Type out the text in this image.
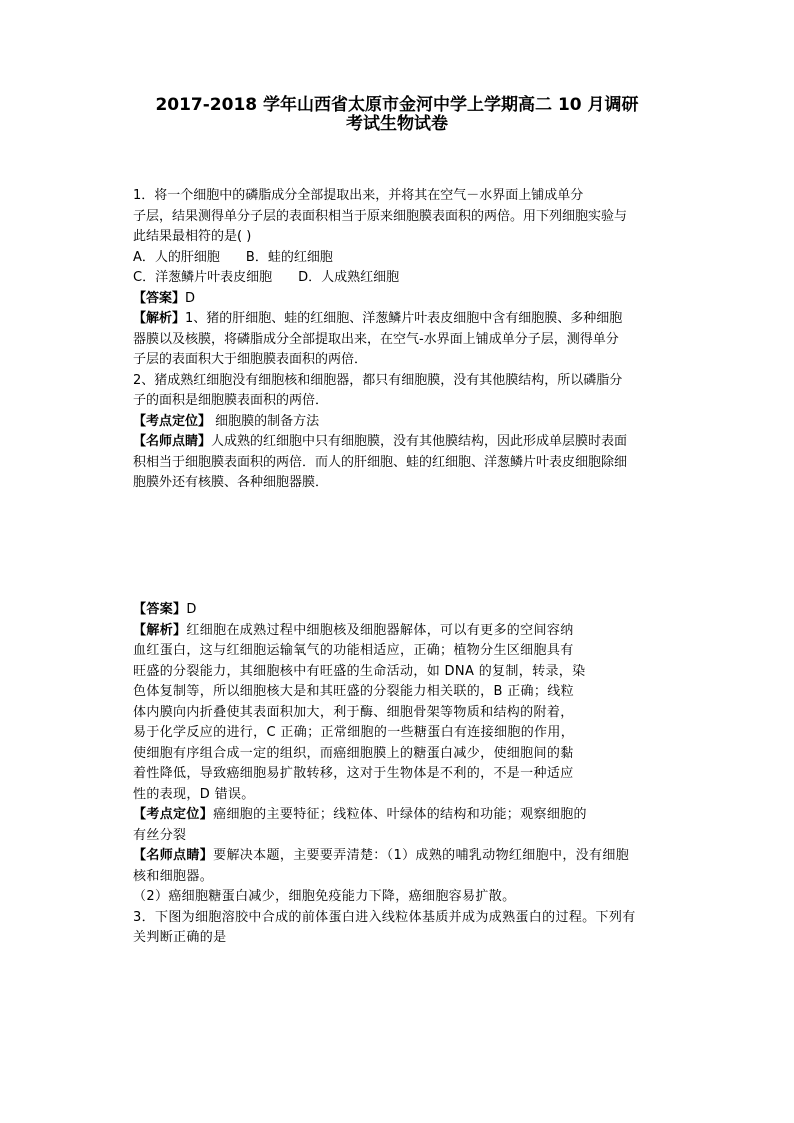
2017-2018 学年山西省太原市金河中学上学期高二 10 月调研
考试生物试卷
1．将一个细胞中的磷脂成分全部提取出来，并将其在空气－水界面上铺成单分
子层，结果测得单分子层的表面积相当于原来细胞膜表面积的两倍。用下列细胞实验与
此结果最相符的是( )
A．人的肝细胞 B．蛙的红细胞
C．洋葱鳞片叶表皮细胞 D．人成熟红细胞
【答案】D
【解析】1、猪的肝细胞、蛙的红细胞、洋葱鳞片叶表皮细胞中含有细胞膜、多种细胞
器膜以及核膜，将磷脂成分全部提取出来，在空气-水界面上铺成单分子层，测得单分
子层的表面积大于细胞膜表面积的两倍．
2、猪成熟红细胞没有细胞核和细胞器，都只有细胞膜，没有其他膜结构，所以磷脂分
子的面积是细胞膜表面积的两倍．
【考点定位】 细胞膜的制备方法
【名师点睛】人成熟的红细胞中只有细胞膜，没有其他膜结构，因此形成单层膜时表面
积相当于细胞膜表面积的两倍．而人的肝细胞、蛙的红细胞、洋葱鳞片叶表皮细胞除细
胞膜外还有核膜、各种细胞器膜．
【答案】D
【解析】红细胞在成熟过程中细胞核及细胞器解体，可以有更多的空间容纳
血红蛋白，这与红细胞运输氧气的功能相适应，正确；植物分生区细胞具有
旺盛的分裂能力，其细胞核中有旺盛的生命活动，如 DNA 的复制，转录，染
色体复制等，所以细胞核大是和其旺盛的分裂能力相关联的，B 正确；线粒
体内膜向内折叠使其表面积加大，利于酶、细胞骨架等物质和结构的附着，
易于化学反应的进行，C 正确；正常细胞的一些糖蛋白有连接细胞的作用，
使细胞有序组合成一定的组织，而癌细胞膜上的糖蛋白减少，使细胞间的黏
着性降低，导致癌细胞易扩散转移，这对于生物体是不利的，不是一种适应
性的表现，D 错误。
【考点定位】癌细胞的主要特征；线粒体、叶绿体的结构和功能；观察细胞的
有丝分裂
【名师点睛】要解决本题，主要要弄清楚：（1）成熟的哺乳动物红细胞中，没有细胞
核和细胞器。
（2）癌细胞糖蛋白减少，细胞免疫能力下降，癌细胞容易扩散。
3．下图为细胞溶胶中合成的前体蛋白进入线粒体基质并成为成熟蛋白的过程。下列有
关判断正确的是
